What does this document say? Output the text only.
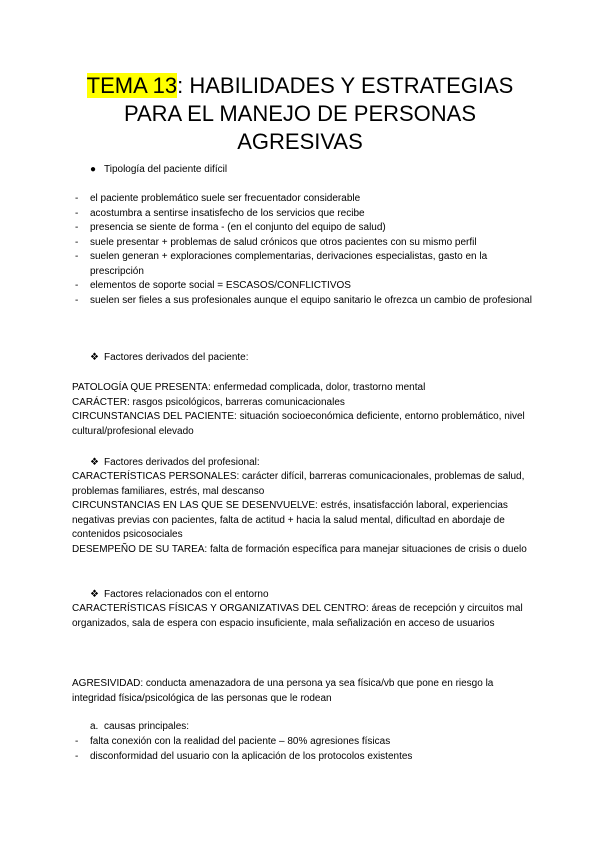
TEMA 13: HABILIDADES Y ESTRATEGIAS PARA EL MANEJO DE PERSONAS AGRESIVAS
● Tipología del paciente difícil
- el paciente problemático suele ser frecuentador considerable
- acostumbra a sentirse insatisfecho de los servicios que recibe
- presencia se siente de forma - (en el conjunto del equipo de salud)
- suele presentar + problemas de salud crónicos que otros pacientes con su mismo perfil
- suelen generan + exploraciones complementarias, derivaciones especialistas, gasto en la prescripción
- elementos de soporte social = ESCASOS/CONFLICTIVOS
- suelen ser fieles a sus profesionales aunque el equipo sanitario le ofrezca un cambio de profesional
❖ Factores derivados del paciente:
PATOLOGÍA QUE PRESENTA: enfermedad complicada, dolor, trastorno mental
CARÁCTER: rasgos psicológicos, barreras comunicacionales
CIRCUNSTANCIAS DEL PACIENTE: situación socioeconómica deficiente, entorno problemático, nivel cultural/profesional elevado
❖ Factores derivados del profesional:
CARACTERÍSTICAS PERSONALES: carácter difícil, barreras comunicacionales, problemas de salud, problemas familiares, estrés, mal descanso
CIRCUNSTANCIAS EN LAS QUE SE DESENVUELVE: estrés, insatisfacción laboral, experiencias negativas previas con pacientes, falta de actitud + hacia la salud mental, dificultad en abordaje de contenidos psicosociales
DESEMPEÑO DE SU TAREA: falta de formación específica para manejar situaciones de crisis o duelo
❖ Factores relacionados con el entorno
CARACTERÍSTICAS FÍSICAS Y ORGANIZATIVAS DEL CENTRO: áreas de recepción y circuitos mal organizados, sala de espera con espacio insuficiente, mala señalización en acceso de usuarios
AGRESIVIDAD: conducta amenazadora de una persona ya sea física/vb que pone en riesgo la integridad física/psicológica de las personas que le rodean
a. causas principales:
- falta conexión con la realidad del paciente – 80% agresiones físicas
- disconformidad del usuario con la aplicación de los protocolos existentes
